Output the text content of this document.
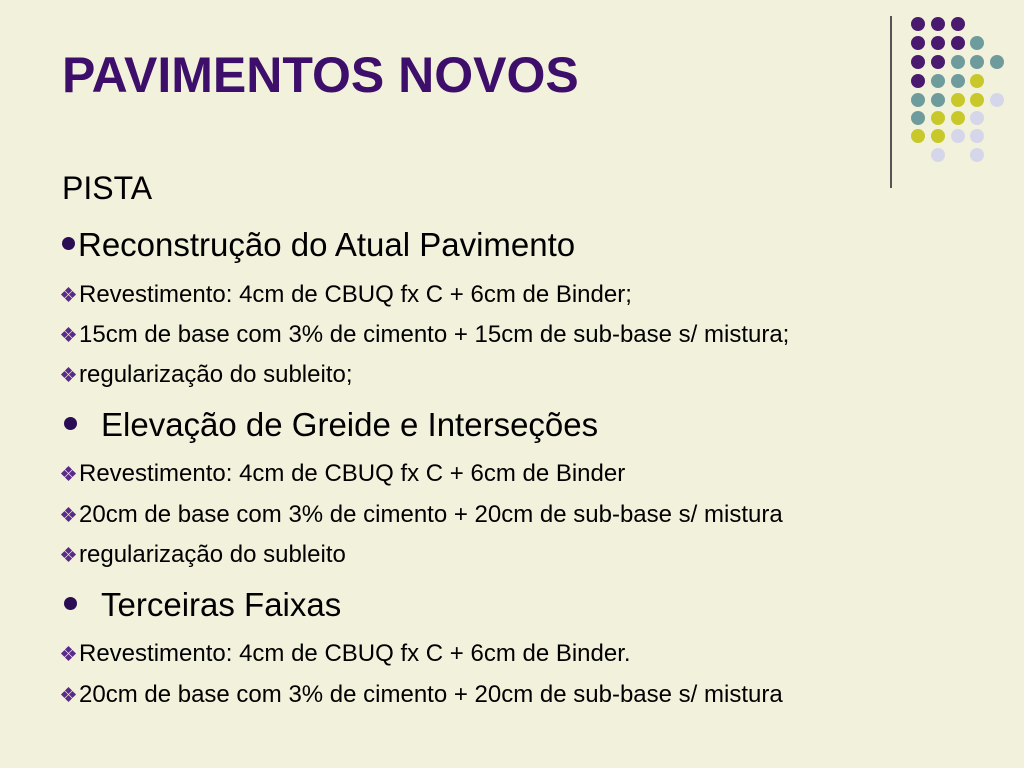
PAVIMENTOS NOVOS
PISTA
Reconstrução do Atual Pavimento
Revestimento: 4cm de CBUQ fx C + 6cm de Binder;
15cm de base com 3% de cimento + 15cm de sub-base s/ mistura;
regularização do subleito;
Elevação de Greide e Interseções
Revestimento: 4cm de CBUQ fx C + 6cm de Binder
20cm de base com 3% de cimento + 20cm de sub-base s/ mistura
regularização do subleito
Terceiras Faixas
Revestimento: 4cm de CBUQ fx C + 6cm de Binder.
20cm de base com 3% de cimento + 20cm de sub-base s/ mistura
